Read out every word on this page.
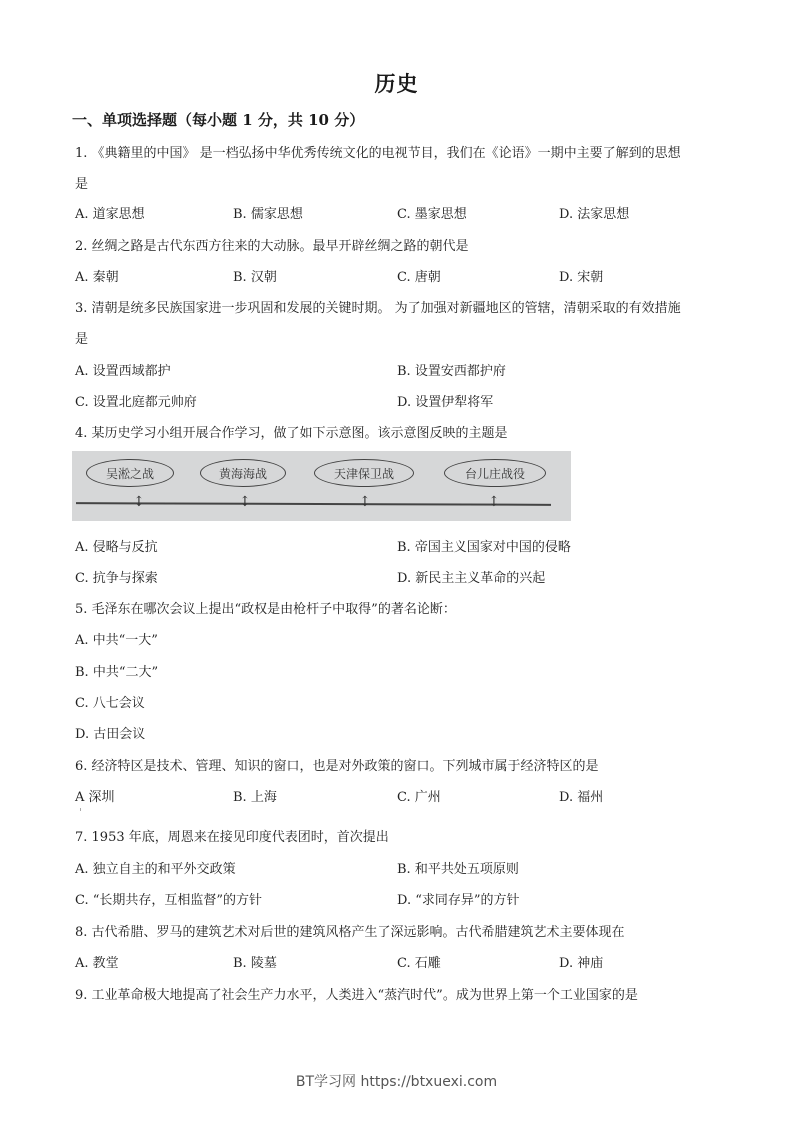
历史
一、单项选择题（每小题 1 分，共 10 分）
1. 《典籍里的中国》 是一档弘扬中华优秀传统文化的电视节目，我们在《论语》一期中主要了解到的思想
是
A. 道家思想	B. 儒家思想	C. 墨家思想	D. 法家思想
2. 丝绸之路是古代东西方往来的大动脉。最早开辟丝绸之路的朝代是
A. 秦朝	B. 汉朝	C. 唐朝	D. 宋朝
3. 清朝是统多民族国家进一步巩固和发展的关键时期。 为了加强对新疆地区的管辖，清朝采取的有效措施
是
A. 设置西域都护	B. 设置安西都护府
C. 设置北庭都元帅府	D. 设置伊犁将军
4. 某历史学习小组开展合作学习，做了如下示意图。该示意图反映的主题是
吴淞之战	黄海海战	天津保卫战	台儿庄战役
↕	↕	↕	↕
A. 侵略与反抗	B. 帝国主义国家对中国的侵略
C. 抗争与探索	D. 新民主主义革命的兴起
5. 毛泽东在哪次会议上提出“政权是由枪杆子中取得”的著名论断：
A. 中共“一大”
B. 中共“二大”
C. 八七会议
D. 古田会议
6. 经济特区是技术、管理、知识的窗口，也是对外政策的窗口。下列城市属于经济特区的是
A 深圳	B. 上海	C. 广州	D. 福州
7. 1953 年底，周恩来在接见印度代表团时，首次提出
A. 独立自主的和平外交政策	B. 和平共处五项原则
C. “长期共存，互相监督”的方针	D. “求同存异”的方针
8. 古代希腊、罗马的建筑艺术对后世的建筑风格产生了深远影响。古代希腊建筑艺术主要体现在
A. 教堂	B. 陵墓	C. 石雕	D. 神庙
9. 工业革命极大地提高了社会生产力水平，人类进入“蒸汽时代”。成为世界上第一个工业国家的是
BT学习网 https://btxuexi.com
